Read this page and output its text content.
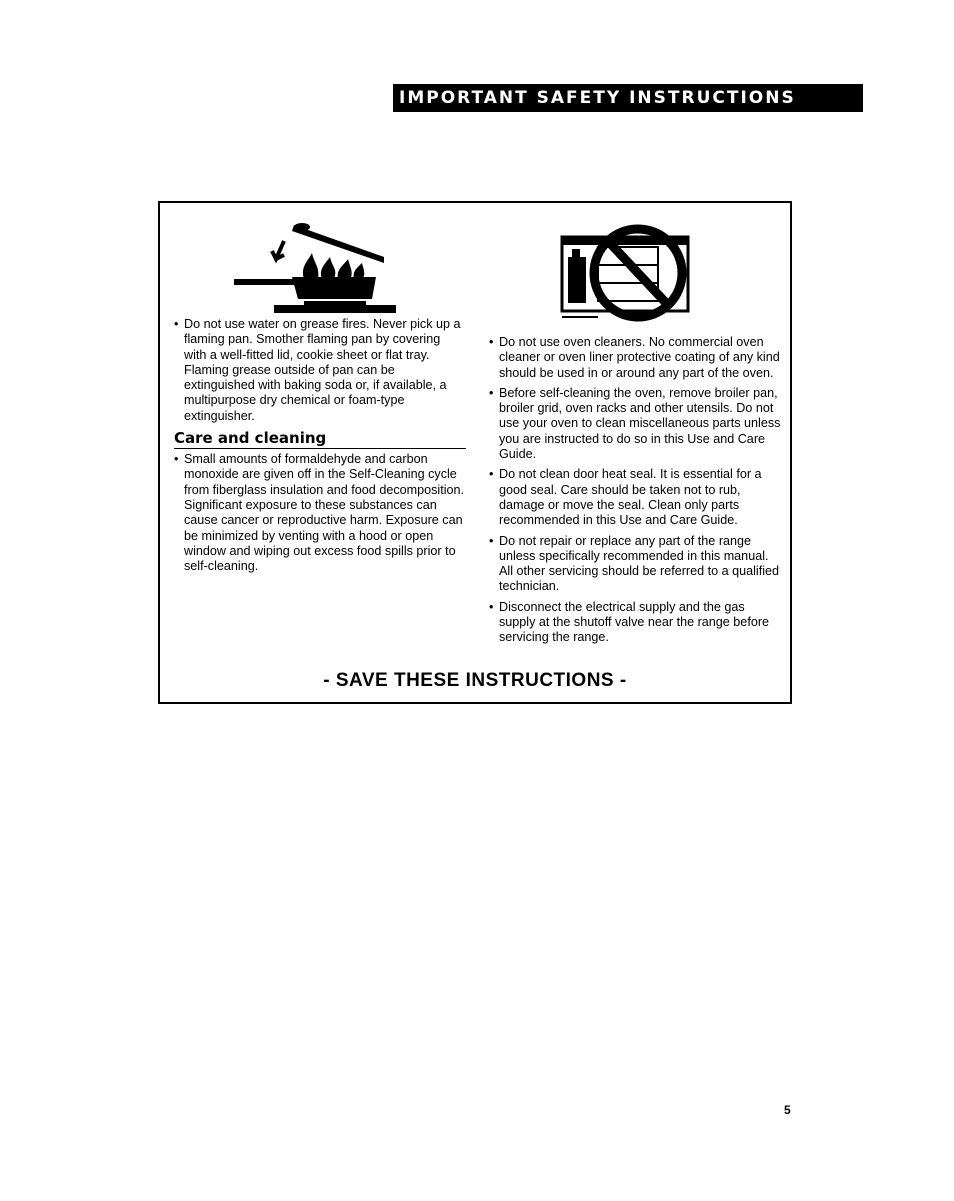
IMPORTANT SAFETY INSTRUCTIONS
• Do not use water on grease fires. Never pick up a flaming pan. Smother flaming pan by covering with a well-fitted lid, cookie sheet or flat tray. Flaming grease outside of pan can be extinguished with baking soda or, if available, a multipurpose dry chemical or foam-type extinguisher.
Care and cleaning
• Small amounts of formaldehyde and carbon monoxide are given off in the Self-Cleaning cycle from fiberglass insulation and food decomposition. Significant exposure to these substances can cause cancer or reproductive harm. Exposure can be minimized by venting with a hood or open window and wiping out excess food spills prior to self-cleaning.
• Do not use oven cleaners. No commercial oven cleaner or oven liner protective coating of any kind should be used in or around any part of the oven.
• Before self-cleaning the oven, remove broiler pan, broiler grid, oven racks and other utensils. Do not use your oven to clean miscellaneous parts unless you are instructed to do so in this Use and Care Guide.
• Do not clean door heat seal. It is essential for a good seal. Care should be taken not to rub, damage or move the seal. Clean only parts recommended in this Use and Care Guide.
• Do not repair or replace any part of the range unless specifically recommended in this manual. All other servicing should be referred to a qualified technician.
• Disconnect the electrical supply and the gas supply at the shutoff valve near the range before servicing the range.
- SAVE THESE INSTRUCTIONS -
5
